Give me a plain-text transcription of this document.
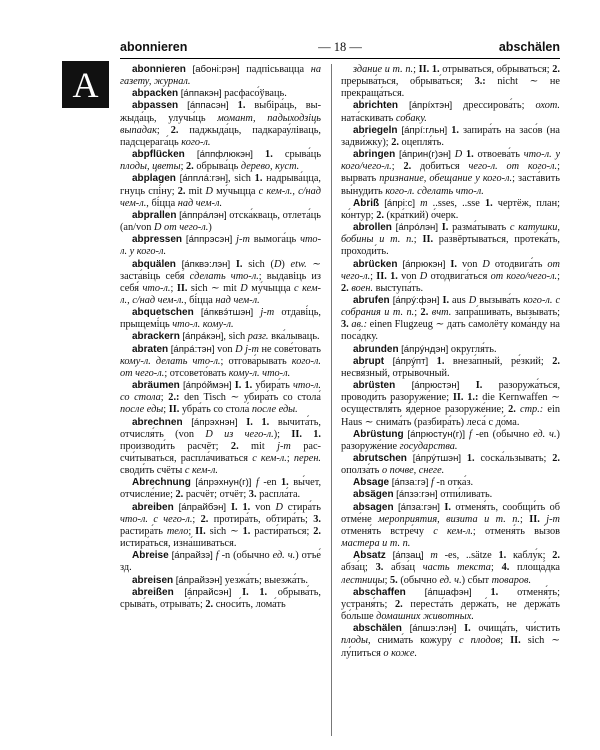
abonnieren	— 18 —	abschälen
A	abonnieren [абоні:рэн] падпі́сьвацца на газету, журнал.

abpacken [а́ппакэн] расфасо́ўваць.

abpassen [а́ппасэн] 1. выбіра́ць, выжыда́ць, улучы́ць момант, падыходзіць выпадак; 2. паджыда́ць, падкарау́ліваць, падсцерага́ць кого-л.

abpflücken [а́ппфлюкэн] 1. срыва́ць плоды, цветы; 2. обрыва́ць дерево, куст.

abplagen [а́пплá:гэн], sich 1. надрыва́цца, гнуць спі́ну; 2. mit D му́чыцца с кем-л., с/над чем-л., бі́цца над чем-л.

abprallen [а́ппрáлэн] отска́кваць, отлета́ць (an/von D от чего-л.)

abpressen [а́ппрэсэн] j-m вымога́ць что-л. у кого-л.

abquälen [а́пквэ:лэн] I. sich (D) etw. ∼ заста́віць себя́ сделать что-л.; выдавіць из себя́ что-л.; II. sich ∼ mit D му́чыцца с кем-л., с/над чем-л., бі́цца над чем-л.

abquetschen [а́пквэ́тшэн] j-m отдаві́ць, прыщемі́ць что-л. кому-л.

abrackern [а́пра́кэн], sich разг. вка́лываць.

abraten [а́прá:тэн] von D j-m не сове́товать кому-л. делать что-л.; отгова́рывать кого-л. от чего-л.; отсовето́вать кому-л. что-л.

abräumen [а́прóймэн] I. 1. убира́ть что-л. со стола; 2.: den Tisch ∼ убира́ть со стола́ после еды; II. убра́ть со стола́ после еды.

abrechnen [а́прэхнэн] I. 1. вычита́ть, отчисля́ть (von D из чего-л.); II. 1. производи́ть расчёт; 2. mit j-m рассчи́тываться, распла́чиваться с кем-л.; перен. своди́ть счёты с кем-л.

Abrechnung [а́прэхнун(г)] f -en 1. вы́чет, отчисле́ние; 2. расчёт; отчёт; 3. распла́та.

abreiben [а́прайбэн] I. 1. von D стира́ть что-л. с чего-л.; 2. протира́ть, обтира́ть; 3. растира́ть тело; II. sich ∼ 1. расти́раться; 2. истира́ться, изна́шиваться.

Abreise [а́прайзэ] f -n (обычно ед. ч.) отъе́ зд.

abreisen [а́прайзэн] уезжа́ть; выезжа́ть.

abreißen [а́прайсэн] I. 1. обрыва́ть, срыва́ть, отрыва́ть; 2. сноси́ть, лома́ть

здание и т. п.; II. 1. отрыва́ться, обрыва́ться; 2. прерыва́ться, обрыва́ться; 3.: nicht ∼ не прекраща́ться.

abrichten [а́прíхтэн] дрессирова́ть; охот. ната́скивать собаку.

abriegeln [а́прí:гльн] 1. запира́ть на засо́в (на задви́жку); 2. оцепля́ть.

abringen [а́прин(г)эн] D 1. отвоева́ть что-л. у кого/чего-л.; 2. добиться чего-л. от кого-л.; вырвать признание, обещание у кого-л.; заста́вить вы́нудить кого-л. сделать что-л.

Abriß [а́прі:с] m ..sses, ..sse 1. чертёж, план; ко́нтур; 2. (кра́ткий) о́черк.

abrollen [а́прóлэн] I. разма́тывать с катушки, бобины и т. п.; II. развёртываться, протека́ть, проходи́ть.

abrücken [а́прюкэн] I. von D отодвига́ть от чего-л.; II. 1. von D отодвига́ться от кого/чего-л.; 2. воен. выступа́ть.

abrufen [а́прý:фэн] I. aus D вызыва́ть кого-л. с собрания и т. п.; 2. вчт. запра́шивать, вызывать; 3. ав.: einen Flugzeug ∼ дать самолёту кома́нду на поса́дку.

abrunden [а́прýндэн] округля́ть.

abrupt [а́прýпт] 1. внеза́пный, ре́зкий; 2. несвя́зный, отры́вочный.

abrüsten [а́прюстэн] I. разоружа́ться, проводи́ть разоруже́ние; II. 1.: die Kernwaffen ∼ осуществля́ть я́дерное разоруже́ние; 2. стр.: ein Haus ∼ снима́ть (разбира́ть) леса́ с до́ма.

Abrüstung [а́прюстун(г)] f -en (обычно ед. ч.) разоруже́ние государства.

abrutschen [а́прýтшэн] 1. соска́льзывать; 2. ополза́ть о почве, снеге.

Absage [а́пза:гэ] f -n отка́з.

absägen [а́пзэ:гэн] отпи́ливать.

absagen [а́пза:гэн] I. отменя́ть, сообщи́ть об отме́не мероприятия, визита и т. п.; II. j-m отменя́ть встре́чу с кем-л.; отменя́ть вы́зов мастера и т. п.

Absatz [а́пзац] m -es, ..sätze 1. каблу́к; 2. абза́ц; 3. абза́ц часть текста; 4. площа́дка лестницы; 5. (обычно ед. ч.) сбыт товаров.

abschaffen [а́пшафэн] 1. отменя́ть; устраня́ть; 2. переста́ть держа́ть, не держа́ть бо́льше домашних животных.

abschälen [а́пшэ:лэн] I. очища́ть, чи́стить плоды, снима́ть кожуру́ с плодов; II. sich ∼ лу́питься о коже.
